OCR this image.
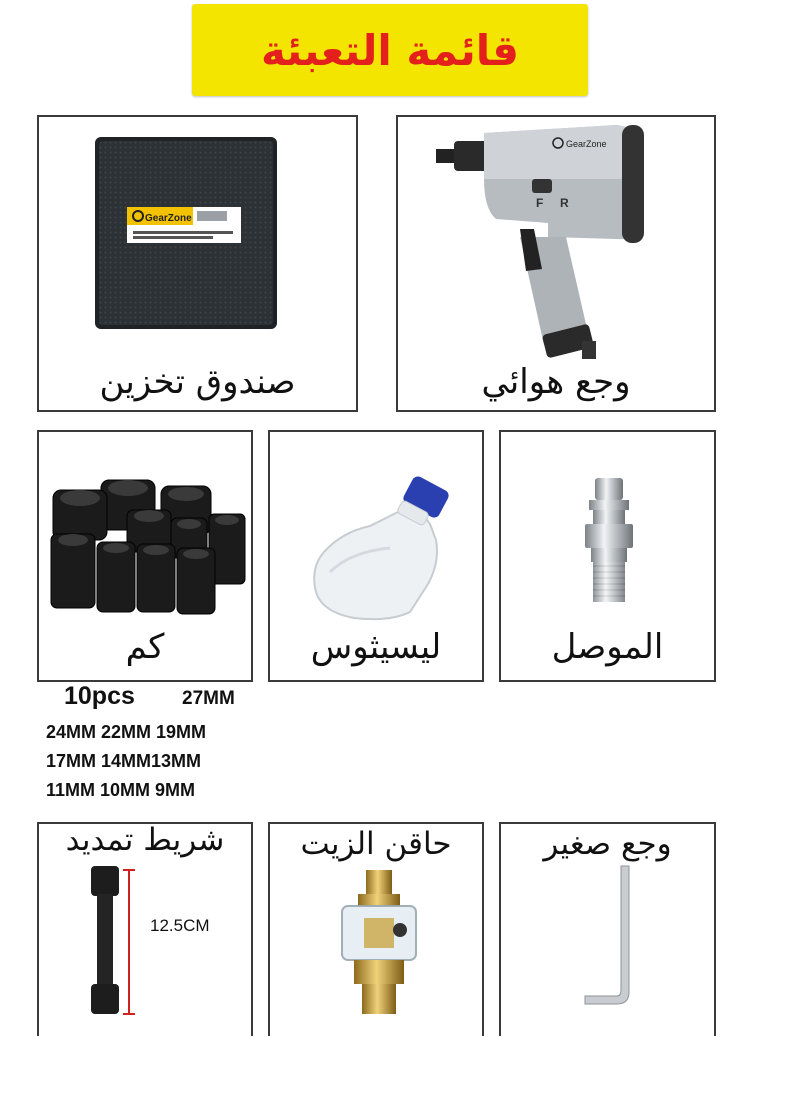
قائمة التعبئة
GearZone
صندوق تخزين
GearZone
F R
وجع هوائي
كم	ليسيثوس	الموصل
10pcs 27MM
24MM 22MM 19MM
17MM 14MM13MM
11MM 10MM 9MM
شريط تمديد
12.5CM
حاقن الزيت	وجع صغير
